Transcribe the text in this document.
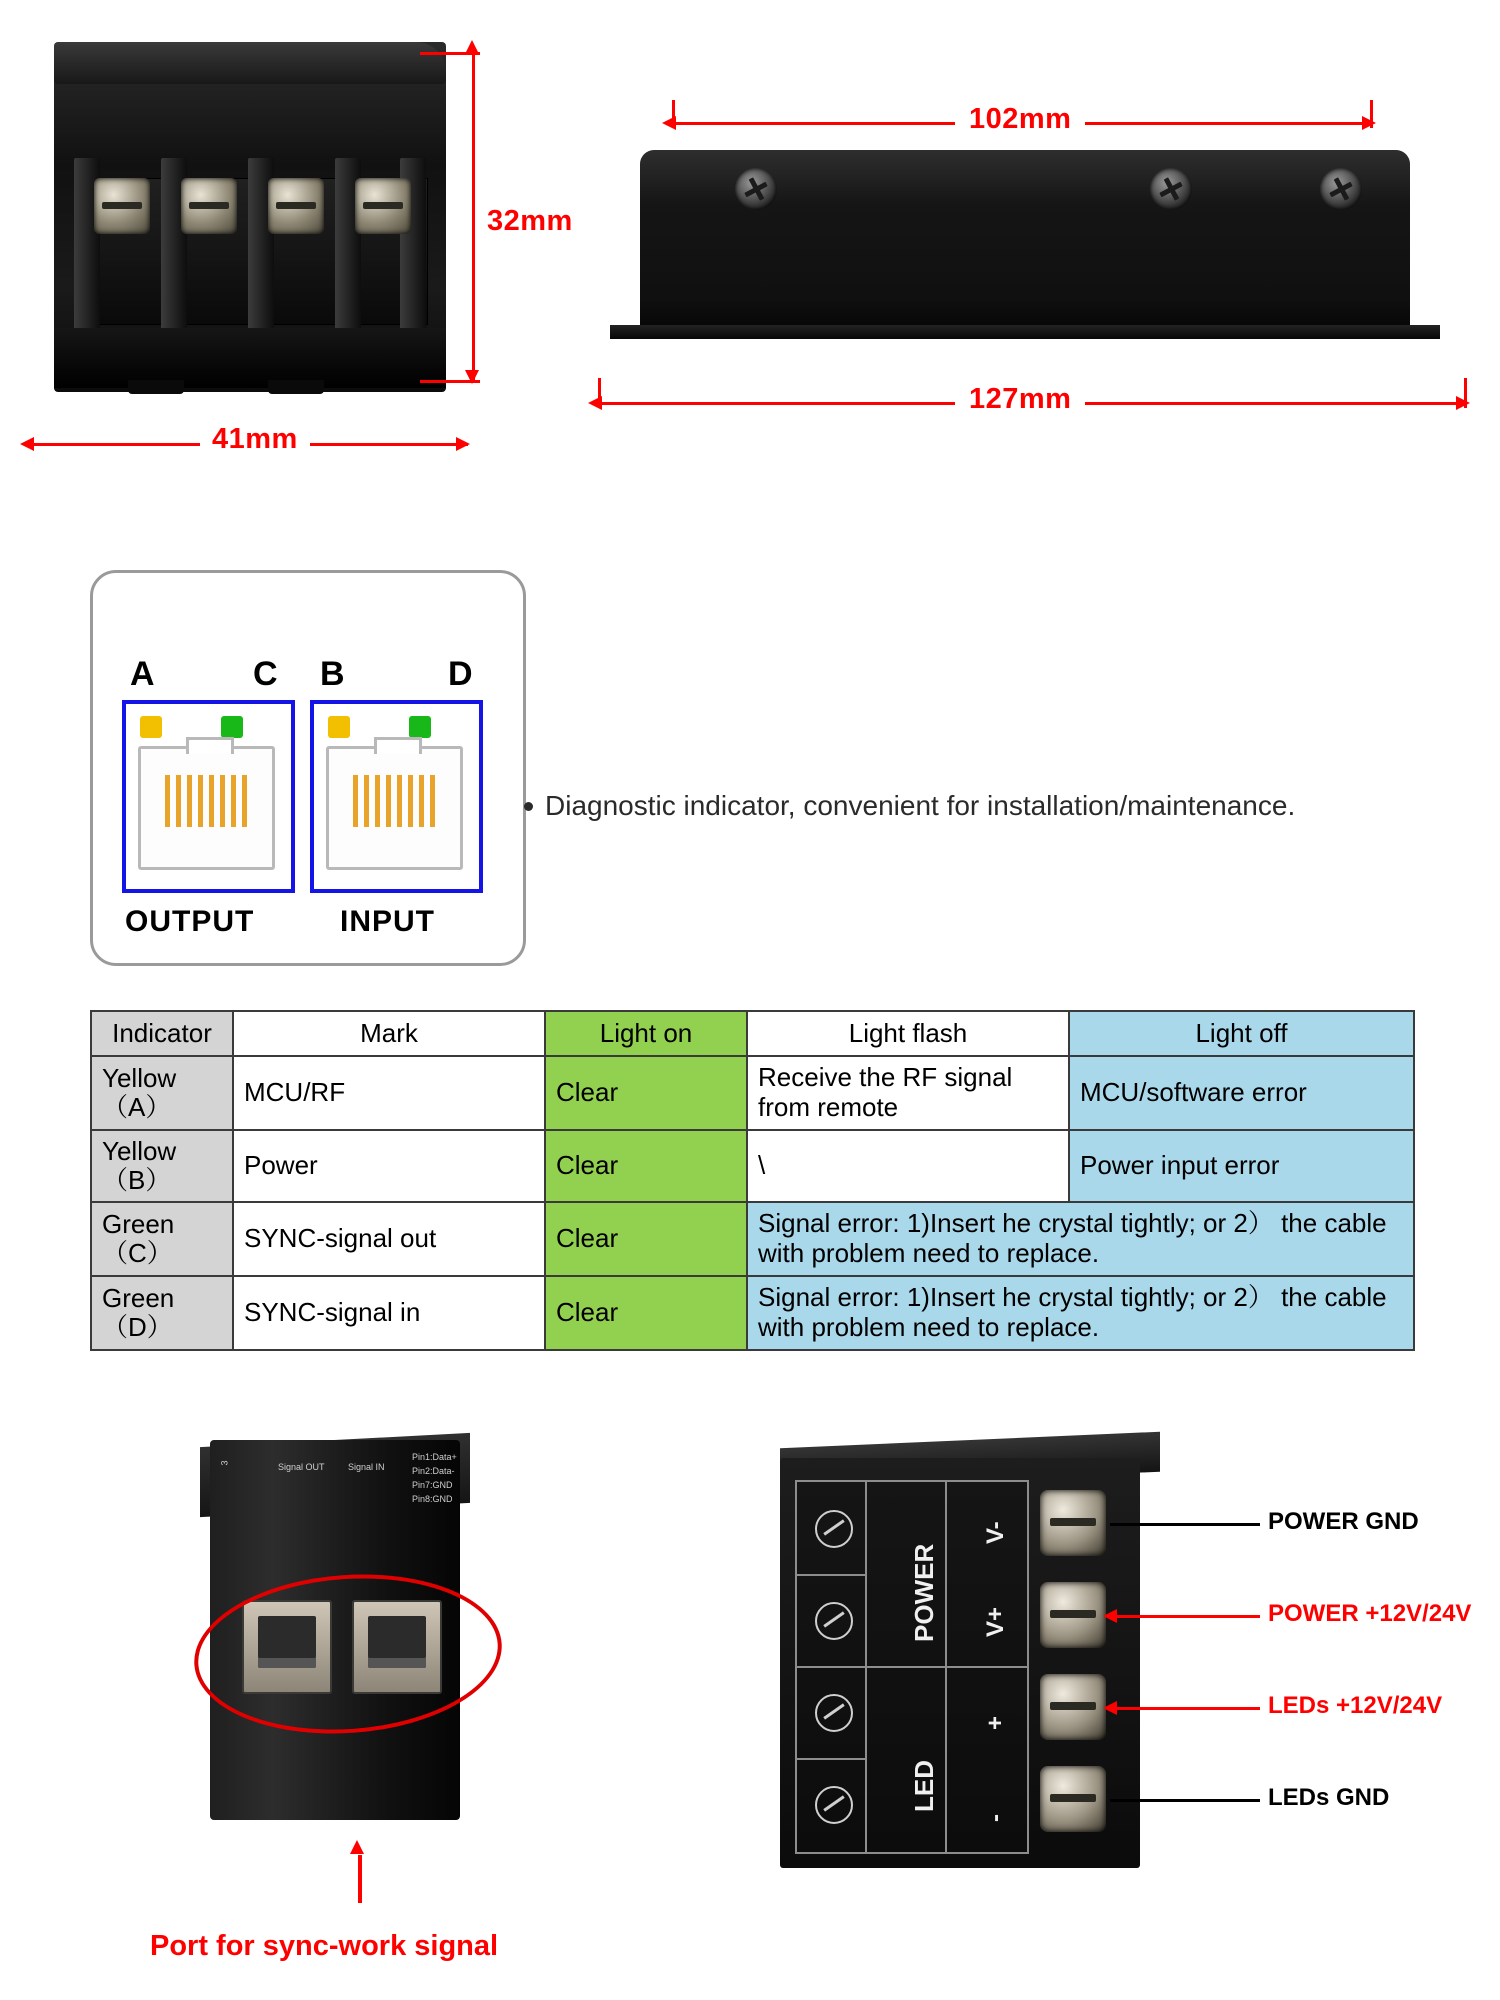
32mm
41mm
102mm
127mm
A	C B	D
OUTPUT	INPUT
Diagnostic indicator, convenient for installation/maintenance.
Indicator	Mark	Light on	Light flash	Light off
Yellow（A）	MCU/RF	Clear	Receive the RF signal from remote	MCU/software error
Yellow（B）	Power	Clear	\	Power input error
Green（C）	SYNC-signal out	Clear	Signal error: 1)Insert he crystal tightly; or 2） the cable with problem need to replace.	
Green（D）	SYNC-signal in	Clear	Signal error: 1)Insert he crystal tightly; or 2） the cable with problem need to replace.	
3	Signal OUT	Signal IN
Pin1:Data+
Pin2:Data-
Pin7:GND
Pin8:GND
Port for sync-work signal
POWER
LED
V-
V+
+
-
POWER GND
POWER +12V/24V
LEDs +12V/24V
LEDs GND
